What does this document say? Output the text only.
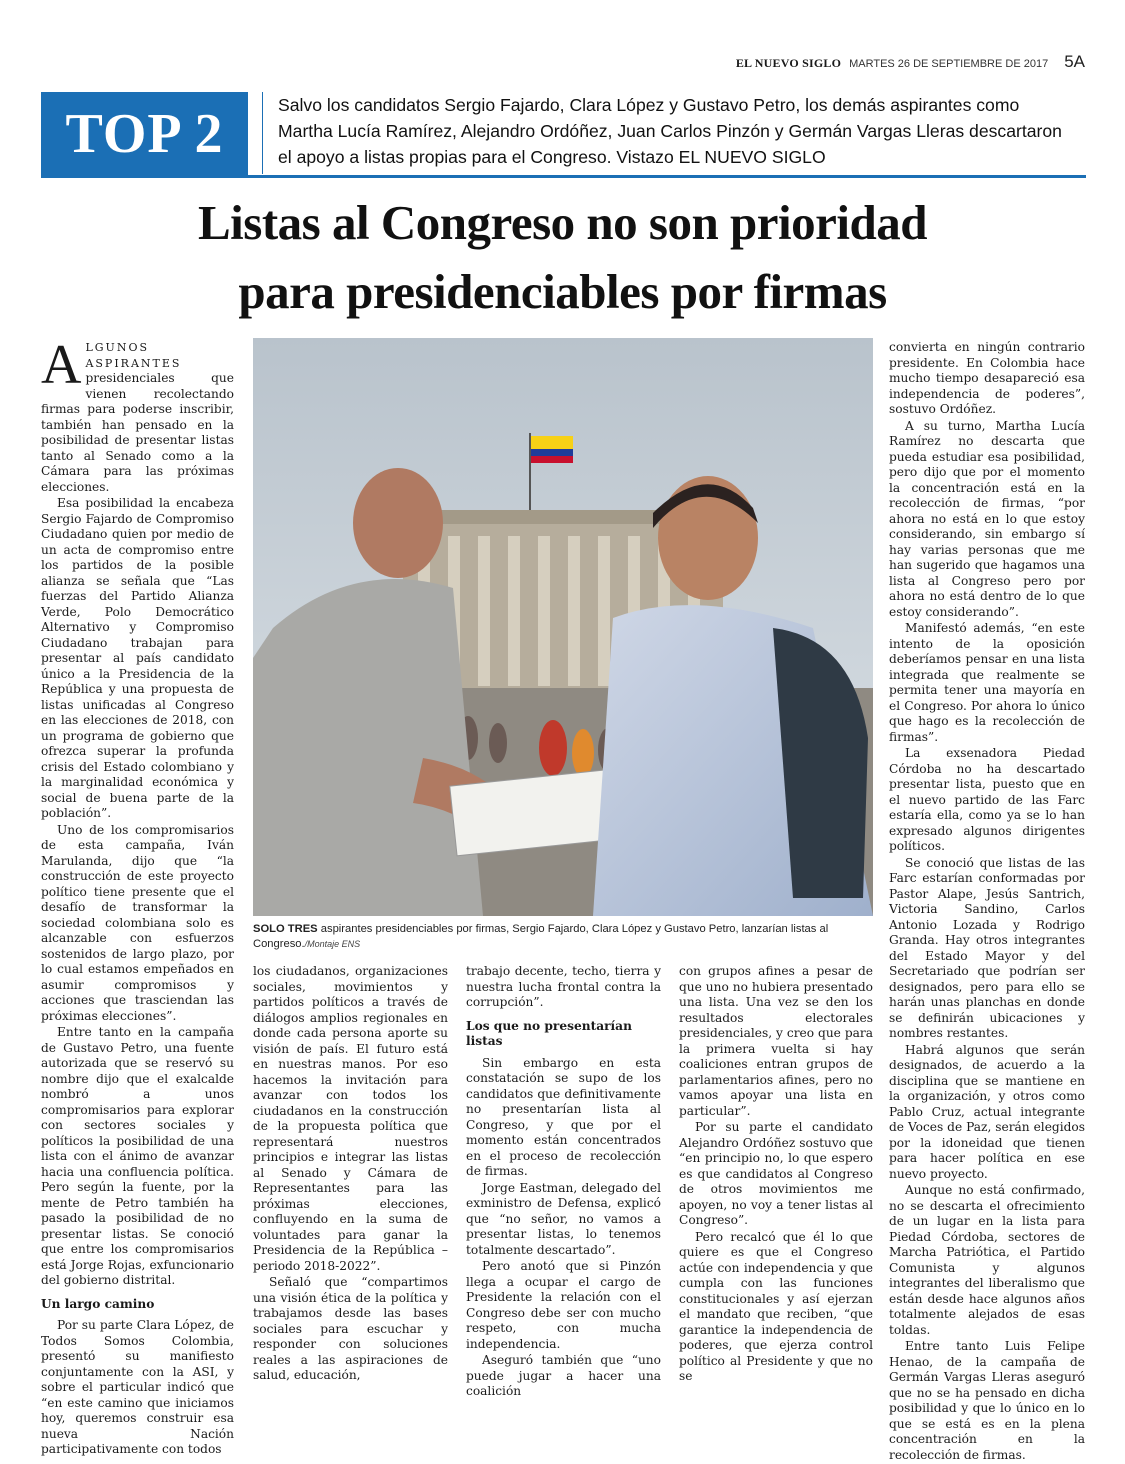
EL NUEVO SIGLO MARTES 26 DE SEPTIEMBRE DE 2017 5A
TOP 2	Salvo los candidatos Sergio Fajardo, Clara López y Gustavo Petro, los demás aspirantes como Martha Lucía Ramírez, Alejandro Ordóñez, Juan Carlos Pinzón y Germán Vargas Lleras descartaron el apoyo a listas propias para el Congreso. Vistazo EL NUEVO SIGLO
Listas al Congreso no son prioridad
para presidenciables por firmas

ALGUNOS ASPIRANTES presidenciales que vienen recolectando firmas para poderse inscribir, también han pensado en la posibilidad de presentar listas tanto al Senado como a la Cámara para las próximas elecciones.

Esa posibilidad la encabeza Sergio Fajardo de Compromiso Ciudadano quien por medio de un acta de compromiso entre los partidos de la posible alianza se señala que “Las fuerzas del Partido Alianza Verde, Polo Democrático Alternativo y Compromiso Ciudadano trabajan para presentar al país candidato único a la Presidencia de la República y una propuesta de listas unificadas al Congreso en las elecciones de 2018, con un programa de gobierno que ofrezca superar la profunda crisis del Estado colombiano y la marginalidad económica y social de buena parte de la población”.

Uno de los compromisarios de esta campaña, Iván Marulanda, dijo que “la construcción de este proyecto político tiene presente que el desafío de transformar la sociedad colombiana solo es alcanzable con esfuerzos sostenidos de largo plazo, por lo cual estamos empeñados en asumir compromisos y acciones que trasciendan las próximas elecciones”.

Entre tanto en la campaña de Gustavo Petro, una fuente autorizada que se reservó su nombre dijo que el exalcalde nombró a unos compromisarios para explorar con sectores sociales y políticos la posibilidad de una lista con el ánimo de avanzar hacia una confluencia política. Pero según la fuente, por la mente de Petro también ha pasado la posibilidad de no presentar listas. Se conoció que entre los compromisarios está Jorge Rojas, exfuncionario del gobierno distrital.

Un largo camino

Por su parte Clara López, de Todos Somos Colombia, presentó su manifiesto conjuntamente con la ASI, y sobre el particular indicó que “en este camino que iniciamos hoy, queremos construir esa nueva Nación participativamente con todos

SOLO TRES aspirantes presidenciables por firmas, Sergio Fajardo, Clara López y Gustavo Petro, lanzarían listas al Congreso./Montaje ENS

los ciudadanos, organizaciones sociales, movimientos y partidos políticos a través de diálogos amplios regionales en donde cada persona aporte su visión de país. El futuro está en nuestras manos. Por eso hacemos la invitación para avanzar con todos los ciudadanos en la construcción de la propuesta política que representará nuestros principios e integrar las listas al Senado y Cámara de Representantes para las próximas elecciones, confluyendo en la suma de voluntades para ganar la Presidencia de la República –periodo 2018-2022”.

Señaló que “compartimos una visión ética de la política y trabajamos desde las bases sociales para escuchar y responder con soluciones reales a las aspiraciones de salud, educación,

trabajo decente, techo, tierra y nuestra lucha frontal contra la corrupción”.

Los que no presentarían listas

Sin embargo en esta constatación se supo de los candidatos que definitivamente no presentarían lista al Congreso, y que por el momento están concentrados en el proceso de recolección de firmas.

Jorge Eastman, delegado del exministro de Defensa, explicó que “no señor, no vamos a presentar listas, lo tenemos totalmente descartado”.

Pero anotó que si Pinzón llega a ocupar el cargo de Presidente la relación con el Congreso debe ser con mucho respeto, con mucha independencia.

Aseguró también que “uno puede jugar a hacer una coalición

con grupos afines a pesar de que uno no hubiera presentado una lista. Una vez se den los resultados electorales presidenciales, y creo que para la primera vuelta si hay coaliciones entran grupos de parlamentarios afines, pero no vamos apoyar una lista en particular”.

Por su parte el candidato Alejandro Ordóñez sostuvo que “en principio no, lo que espero es que candidatos al Congreso de otros movimientos me apoyen, no voy a tener listas al Congreso”.

Pero recalcó que él lo que quiere es que el Congreso actúe con independencia y que cumpla con las funciones constitucionales y así ejerzan el mandato que reciben, “que garantice la independencia de poderes, que ejerza control político al Presidente y que no se

convierta en ningún contrario presidente. En Colombia hace mucho tiempo desapareció esa independencia de poderes”, sostuvo Ordóñez.

A su turno, Martha Lucía Ramírez no descarta que pueda estudiar esa posibilidad, pero dijo que por el momento la concentración está en la recolección de firmas, “por ahora no está en lo que estoy considerando, sin embargo sí hay varias personas que me han sugerido que hagamos una lista al Congreso pero por ahora no está dentro de lo que estoy considerando”.

Manifestó además, “en este intento de la oposición deberíamos pensar en una lista integrada que realmente se permita tener una mayoría en el Congreso. Por ahora lo único que hago es la recolección de firmas”.

La exsenadora Piedad Córdoba no ha descartado presentar lista, puesto que en el nuevo partido de las Farc estaría ella, como ya se lo han expresado algunos dirigentes políticos.

Se conoció que listas de las Farc estarían conformadas por Pastor Alape, Jesús Santrich, Victoria Sandino, Carlos Antonio Lozada y Rodrigo Granda. Hay otros integrantes del Estado Mayor y del Secretariado que podrían ser designados, pero para ello se harán unas planchas en donde se definirán ubicaciones y nombres restantes.

Habrá algunos que serán designados, de acuerdo a la disciplina que se mantiene en la organización, y otros como Pablo Cruz, actual integrante de Voces de Paz, serán elegidos por la idoneidad que tienen para hacer política en ese nuevo proyecto.

Aunque no está confirmado, no se descarta el ofrecimiento de un lugar en la lista para Piedad Córdoba, sectores de Marcha Patriótica, el Partido Comunista y algunos integrantes del liberalismo que están desde hace algunos años totalmente alejados de esas toldas.

Entre tanto Luis Felipe Henao, de la campaña de Germán Vargas Lleras aseguró que no se ha pensado en dicha posibilidad y que lo único en lo que se está es en la plena concentración en la recolección de firmas.
